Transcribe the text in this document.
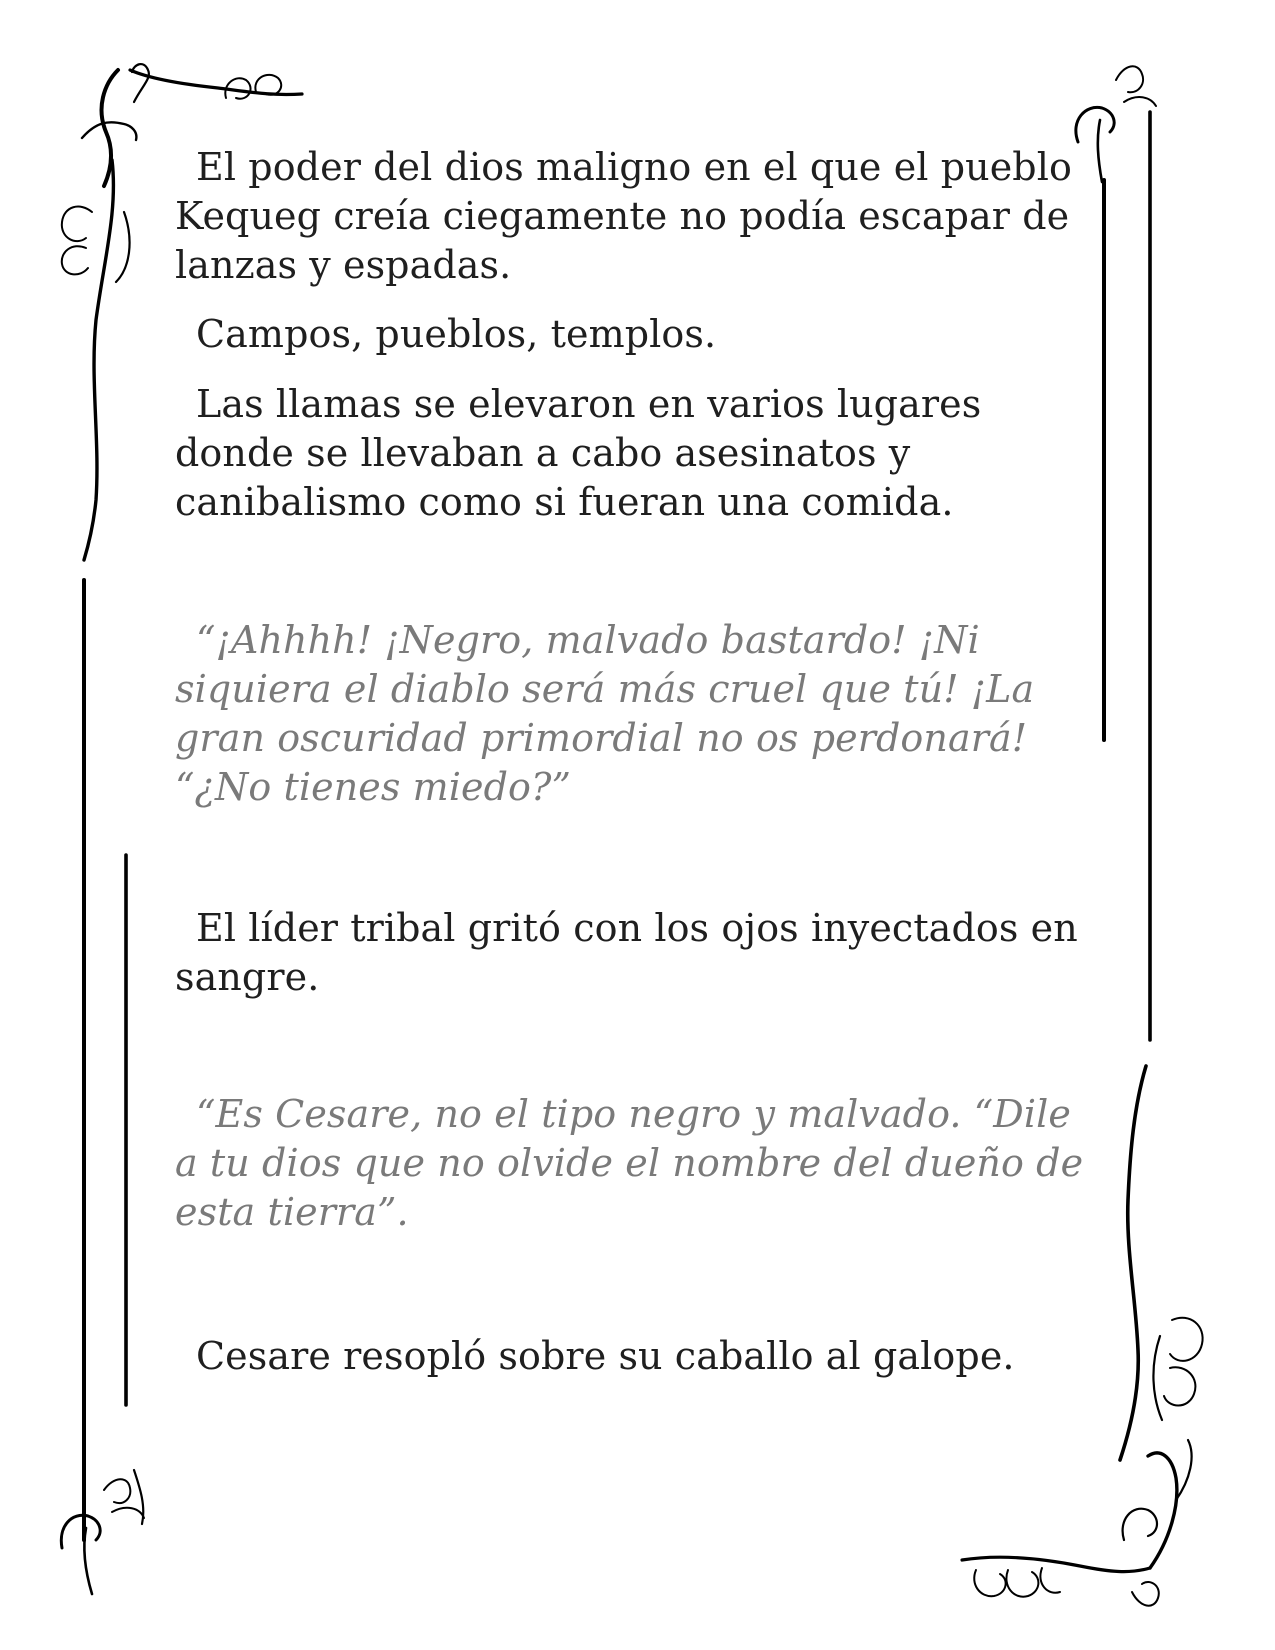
El poder del dios maligno en el que el pueblo Kequeg creía ciegamente no podía escapar de lanzas y espadas.

Campos, pueblos, templos.

Las llamas se elevaron en varios lugares donde se llevaban a cabo asesinatos y canibalismo como si fueran una comida.

“¡Ahhhh! ¡Negro, malvado bastardo! ¡Ni siquiera el diablo será más cruel que tú! ¡La gran oscuridad primordial no os perdonará! “¿No tienes miedo?”

El líder tribal gritó con los ojos inyectados en sangre.

“Es Cesare, no el tipo negro y malvado. “Dile a tu dios que no olvide el nombre del dueño de esta tierra”.

Cesare resopló sobre su caballo al galope.
